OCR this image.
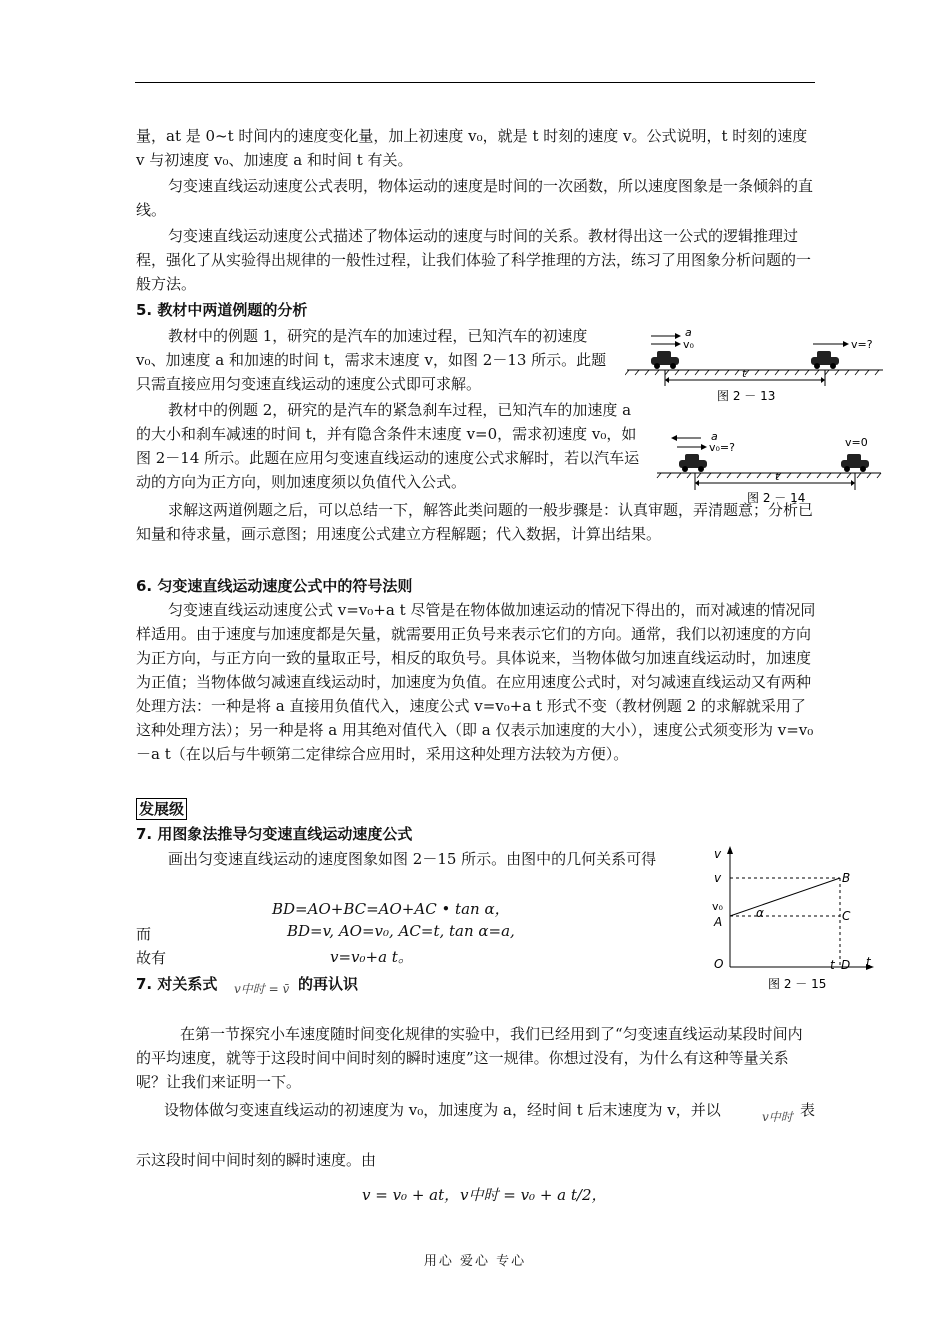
量，at 是 0~t 时间内的速度变化量，加上初速度 v₀，就是 t 时刻的速度 v。公式说明，t 时刻的速度 v 与初速度 v₀、加速度 a 和时间 t 有关。

匀变速直线运动速度公式表明，物体运动的速度是时间的一次函数，所以速度图象是一条倾斜的直线。

匀变速直线运动速度公式描述了物体运动的速度与时间的关系。教材得出这一公式的逻辑推理过程，强化了从实验得出规律的一般性过程，让我们体验了科学推理的方法，练习了用图象分析问题的一般方法。

5. 教材中两道例题的分析

教材中的例题 1，研究的是汽车的加速过程，已知汽车的初速度 v₀、加速度 a 和加速的时间 t，需求末速度 v，如图 2－13 所示。此题只需直接应用匀变速直线运动的速度公式即可求解。

教材中的例题 2，研究的是汽车的紧急刹车过程，已知汽车的加速度 a 的大小和刹车减速的时间 t，并有隐含条件末速度 v=0，需求初速度 v₀，如图 2－14 所示。此题在应用匀变速直线运动的速度公式求解时，若以汽车运动的方向为正方向，则加速度须以负值代入公式。

求解这两道例题之后，可以总结一下，解答此类问题的一般步骤是：认真审题，弄清题意；分析已知量和待求量，画示意图；用速度公式建立方程解题；代入数据，计算出结果。

a
v₀	v=?
t
图 2 － 13
a
v₀=?	v=0
t
图 2 － 14
6. 匀变速直线运动速度公式中的符号法则

匀变速直线运动速度公式 v=v₀+a t 尽管是在物体做加速运动的情况下得出的，而对减速的情况同样适用。由于速度与加速度都是矢量，就需要用正负号来表示它们的方向。通常，我们以初速度的方向为正方向，与正方向一致的量取正号，相反的取负号。具体说来，当物体做匀加速直线运动时，加速度为正值；当物体做匀减速直线运动时，加速度为负值。在应用速度公式时，对匀减速直线运动又有两种处理方法：一种是将 a 直接用负值代入，速度公式 v=v₀+a t 形式不变（教材例题 2 的求解就采用了这种处理方法）；另一种是将 a 用其绝对值代入（即 a 仅表示加速度的大小），速度公式须变形为 v=v₀－a t（在以后与牛顿第二定律综合应用时，采用这种处理方法较为方便）。

发展级
7. 用图象法推导匀变速直线运动速度公式

画出匀变速直线运动的速度图象如图 2－15 所示。由图中的几何关系可得

BD=AO+BC=AO+AC • tan α，
而	BD=v, AO=v₀, AC=t, tan α=a,
故有	v=v₀+a t。
v
t
v
v₀
A
B
C
O	t D
α
图 2 － 15
7. 对关系式 v中时 = v̄ 的再认识

在第一节探究小车速度随时间变化规律的实验中，我们已经用到了“匀变速直线运动某段时间内的平均速度，就等于这段时间中间时刻的瞬时速度”这一规律。你想过没有，为什么有这种等量关系呢？让我们来证明一下。

设物体做匀变速直线运动的初速度为 v₀，加速度为 a，经时间 t 后末速度为 v，并以	v中时 表
示这段时间中间时刻的瞬时速度。由
v = v₀ + at， v中时 = v₀ + a t/2，
用心 爱心 专心
